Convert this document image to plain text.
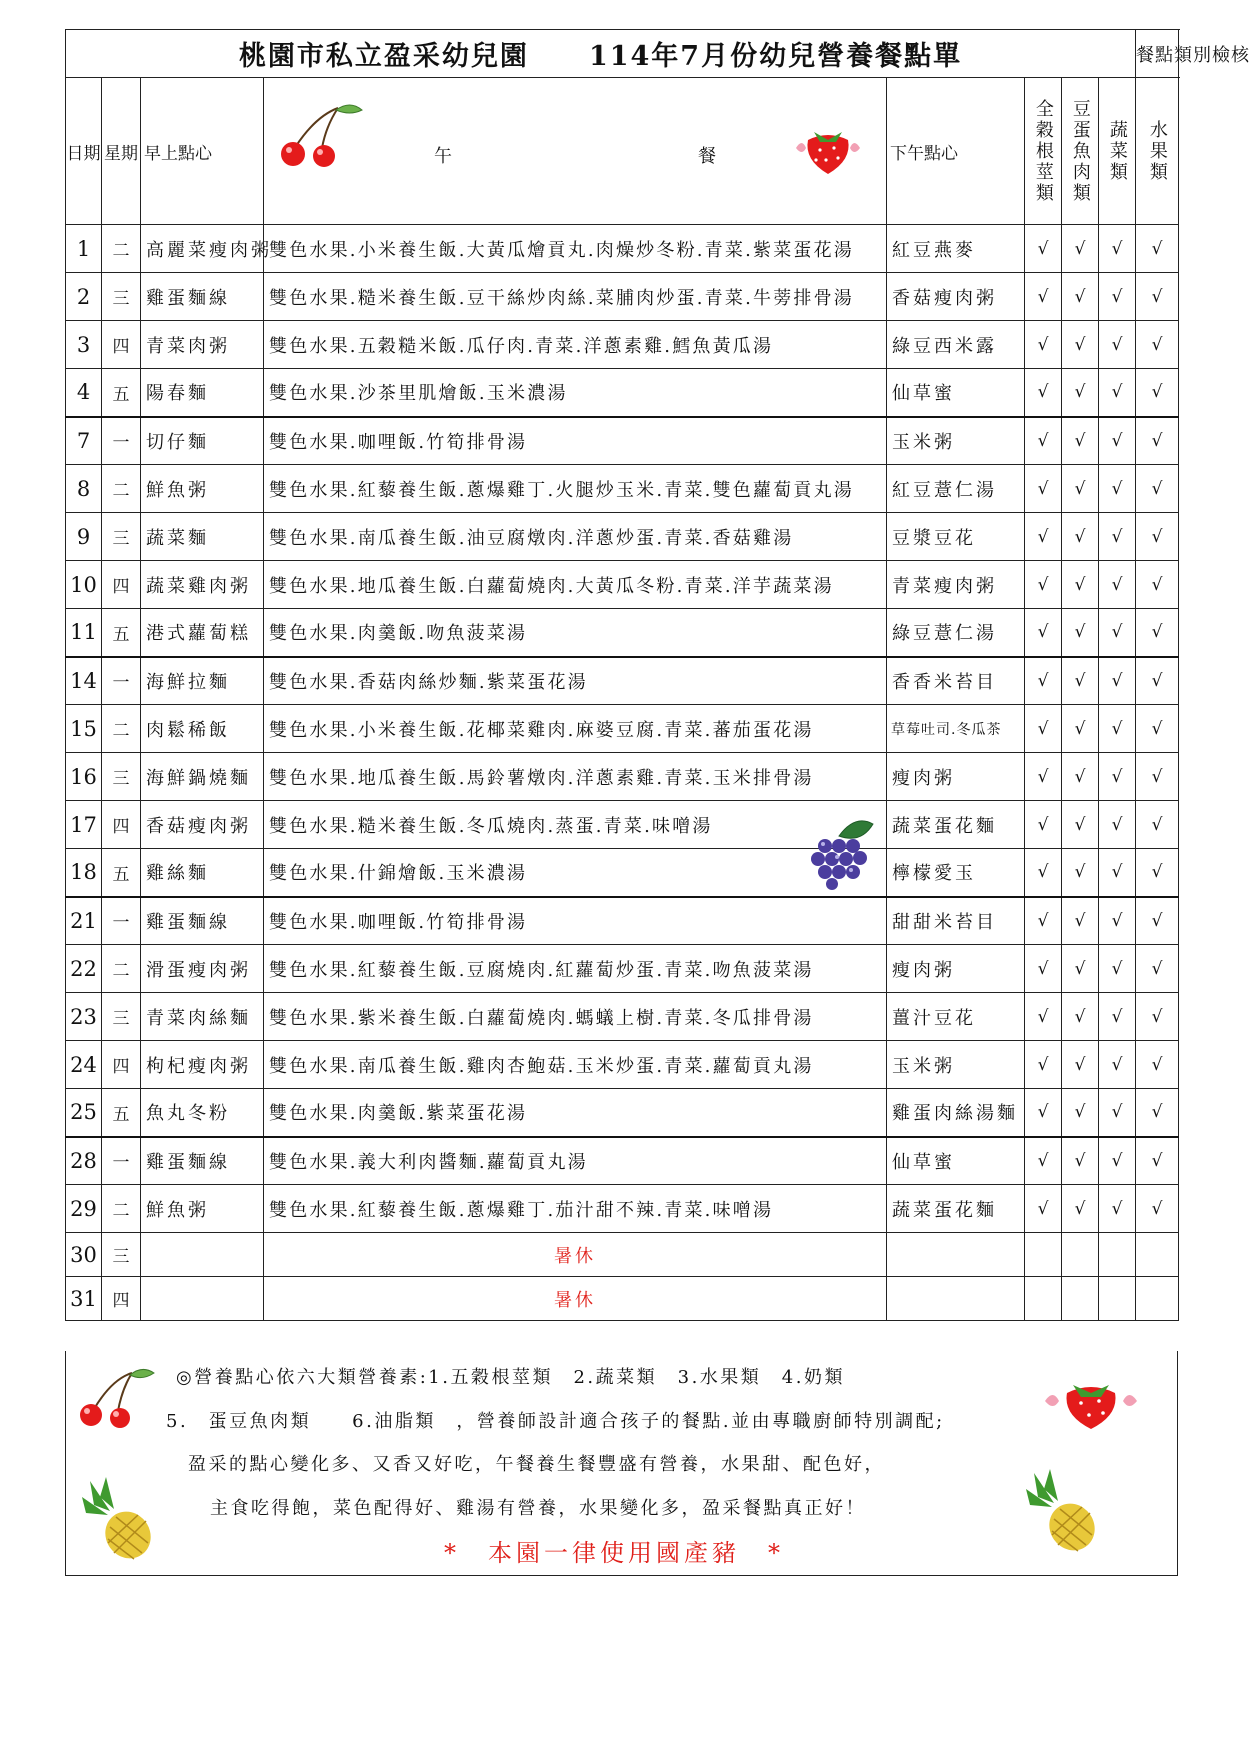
桃園市私立盈采幼兒園 114年7月份幼兒營養餐點單								餐點類別檢核
日期	星期	早上點心	午 餐	下午點心	全穀根莖類	豆蛋魚肉類	蔬菜類	水果類

1	二	高麗菜瘦肉粥	雙色水果.小米養生飯.大黃瓜燴貢丸.肉燥炒冬粉.青菜.紫菜蛋花湯	紅豆燕麥	√	√	√	√
2	三	雞蛋麵線	雙色水果.糙米養生飯.豆干絲炒肉絲.菜脯肉炒蛋.青菜.牛蒡排骨湯	香菇瘦肉粥	√	√	√	√
3	四	青菜肉粥	雙色水果.五穀糙米飯.瓜仔肉.青菜.洋蔥素雞.鱈魚黃瓜湯	綠豆西米露	√	√	√	√
4	五	陽春麵	雙色水果.沙茶里肌燴飯.玉米濃湯	仙草蜜	√	√	√	√
7	一	切仔麵	雙色水果.咖哩飯.竹筍排骨湯	玉米粥	√	√	√	√
8	二	鮮魚粥	雙色水果.紅藜養生飯.蔥爆雞丁.火腿炒玉米.青菜.雙色蘿蔔貢丸湯	紅豆薏仁湯	√	√	√	√
9	三	蔬菜麵	雙色水果.南瓜養生飯.油豆腐燉肉.洋蔥炒蛋.青菜.香菇雞湯	豆漿豆花	√	√	√	√
10	四	蔬菜雞肉粥	雙色水果.地瓜養生飯.白蘿蔔燒肉.大黃瓜冬粉.青菜.洋芋蔬菜湯	青菜瘦肉粥	√	√	√	√
11	五	港式蘿蔔糕	雙色水果.肉羹飯.吻魚菠菜湯	綠豆薏仁湯	√	√	√	√
14	一	海鮮拉麵	雙色水果.香菇肉絲炒麵.紫菜蛋花湯	香香米苔目	√	√	√	√
15	二	肉鬆稀飯	雙色水果.小米養生飯.花椰菜雞肉.麻婆豆腐.青菜.蕃茄蛋花湯	草莓吐司.冬瓜茶	√	√	√	√
16	三	海鮮鍋燒麵	雙色水果.地瓜養生飯.馬鈴薯燉肉.洋蔥素雞.青菜.玉米排骨湯	瘦肉粥	√	√	√	√
17	四	香菇瘦肉粥	雙色水果.糙米養生飯.冬瓜燒肉.蒸蛋.青菜.味噌湯	蔬菜蛋花麵	√	√	√	√
18	五	雞絲麵	雙色水果.什錦燴飯.玉米濃湯	檸檬愛玉	√	√	√	√
21	一	雞蛋麵線	雙色水果.咖哩飯.竹筍排骨湯	甜甜米苔目	√	√	√	√
22	二	滑蛋瘦肉粥	雙色水果.紅藜養生飯.豆腐燒肉.紅蘿蔔炒蛋.青菜.吻魚菠菜湯	瘦肉粥	√	√	√	√
23	三	青菜肉絲麵	雙色水果.紫米養生飯.白蘿蔔燒肉.螞蟻上樹.青菜.冬瓜排骨湯	薑汁豆花	√	√	√	√
24	四	枸杞瘦肉粥	雙色水果.南瓜養生飯.雞肉杏鮑菇.玉米炒蛋.青菜.蘿蔔貢丸湯	玉米粥	√	√	√	√
25	五	魚丸冬粉	雙色水果.肉羹飯.紫菜蛋花湯	雞蛋肉絲湯麵	√	√	√	√
28	一	雞蛋麵線	雙色水果.義大利肉醬麵.蘿蔔貢丸湯	仙草蜜	√	√	√	√
29	二	鮮魚粥	雙色水果.紅藜養生飯.蔥爆雞丁.茄汁甜不辣.青菜.味噌湯	蔬菜蛋花麵	√	√	√	√
30	三		暑休					
31	四		暑休					
◎營養點心依六大類營養素:1.五穀根莖類　2.蔬菜類　3.水果類　4.奶類
5.　蛋豆魚肉類　　6.油脂類　，營養師設計適合孩子的餐點.並由專職廚師特別調配;
盈采的點心變化多、又香又好吃，午餐養生餐豐盛有營養，水果甜、配色好，
主食吃得飽，菜色配得好、雞湯有營養，水果變化多，盈采餐點真正好！
*　本園一律使用國產豬　*
